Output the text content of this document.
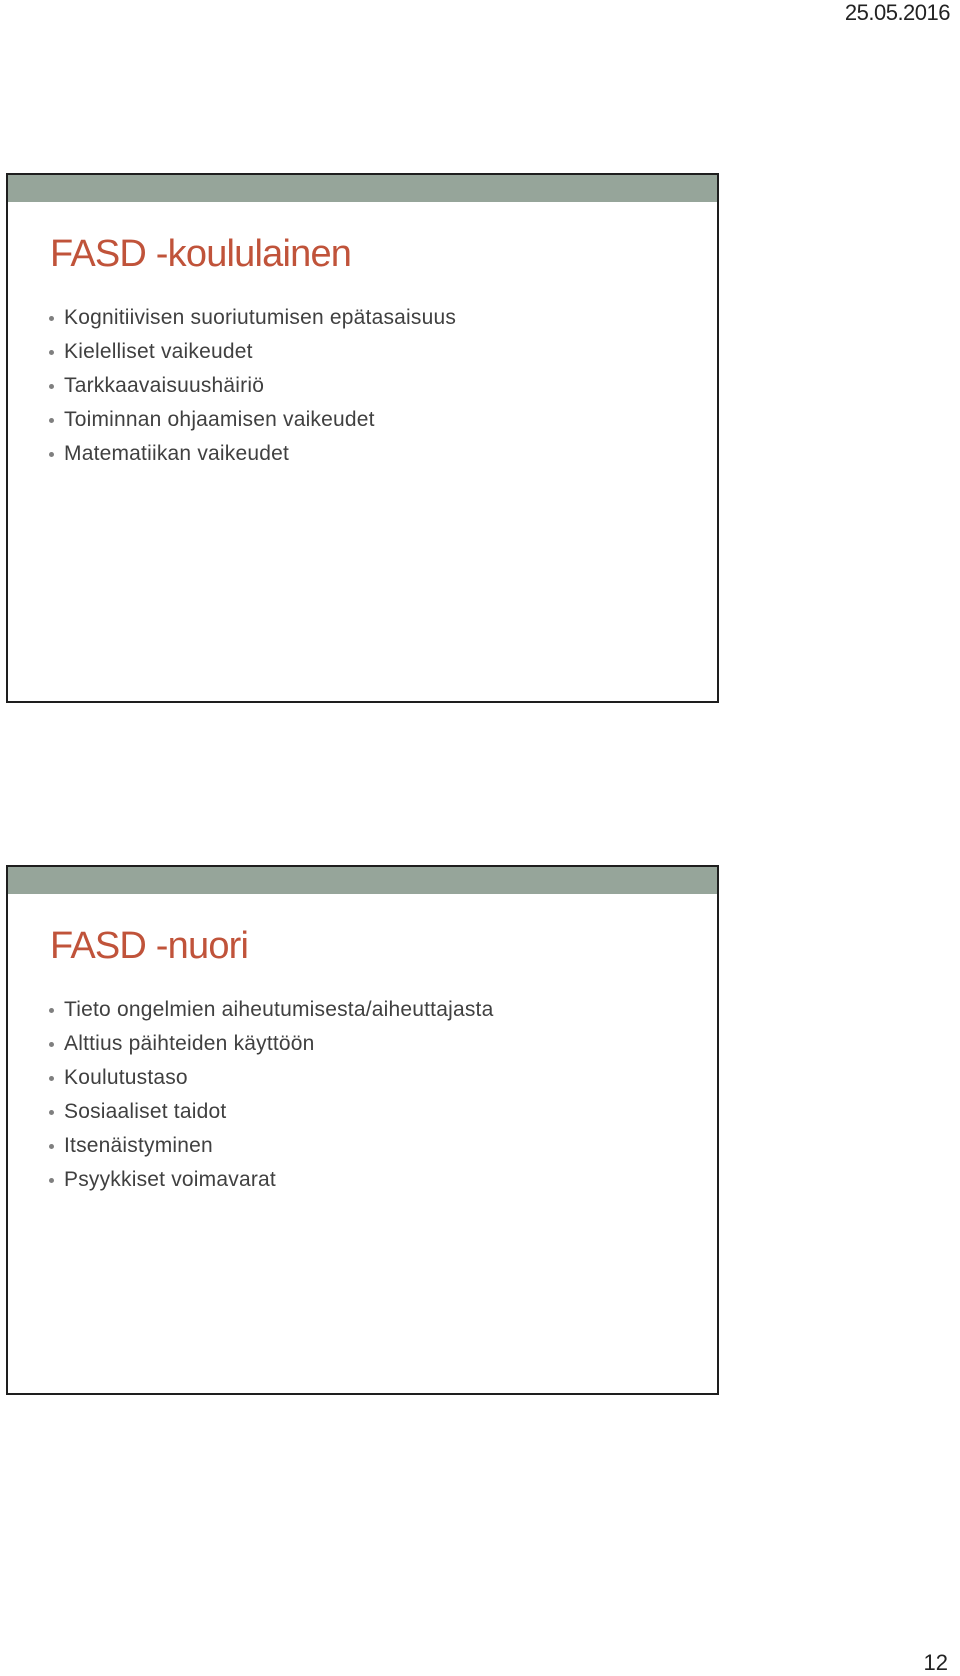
25.05.2016
FASD -koululainen
Kognitiivisen suoriutumisen epätasaisuus
Kielelliset vaikeudet
Tarkkaavaisuushäiriö
Toiminnan ohjaamisen vaikeudet
Matematiikan vaikeudet
FASD -nuori
Tieto ongelmien aiheutumisesta/aiheuttajasta
Alttius päihteiden käyttöön
Koulutustaso
Sosiaaliset taidot
Itsenäistyminen
Psyykkiset voimavarat
12
